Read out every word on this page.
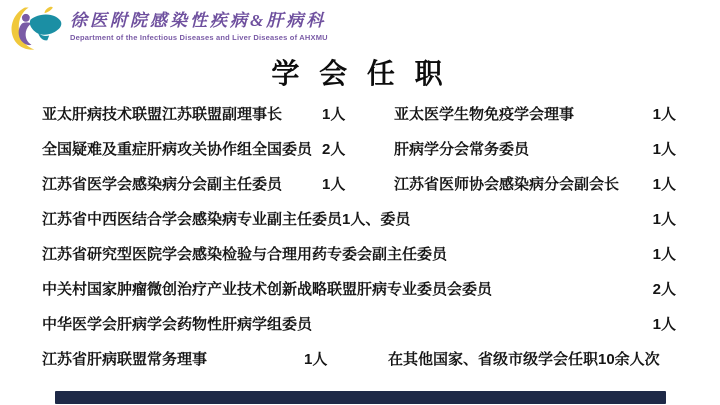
徐医附院感染性疾病&肝病科
Department of the Infectious Diseases and Liver Diseases of AHXMU
学 会 任 职
亚太肝病技术联盟江苏联盟副理事长	1人	亚太医学生物免疫学会理事	1人
全国疑难及重症肝病攻关协作组全国委员 2人	肝病学分会常务委员	1人
江苏省医学会感染病分会副主任委员	1人	江苏省医师协会感染病分会副会长	1人
江苏省中西医结合学会感染病专业副主任委员1人、委员	1人
江苏省研究型医院学会感染检验与合理用药专委会副主任委员	1人
中关村国家肿瘤微创治疗产业技术创新战略联盟肝病专业委员会委员	2人
中华医学会肝病学会药物性肝病学组委员	1人
江苏省肝病联盟常务理事	1人	在其他国家、省级市级学会任职10余人次
